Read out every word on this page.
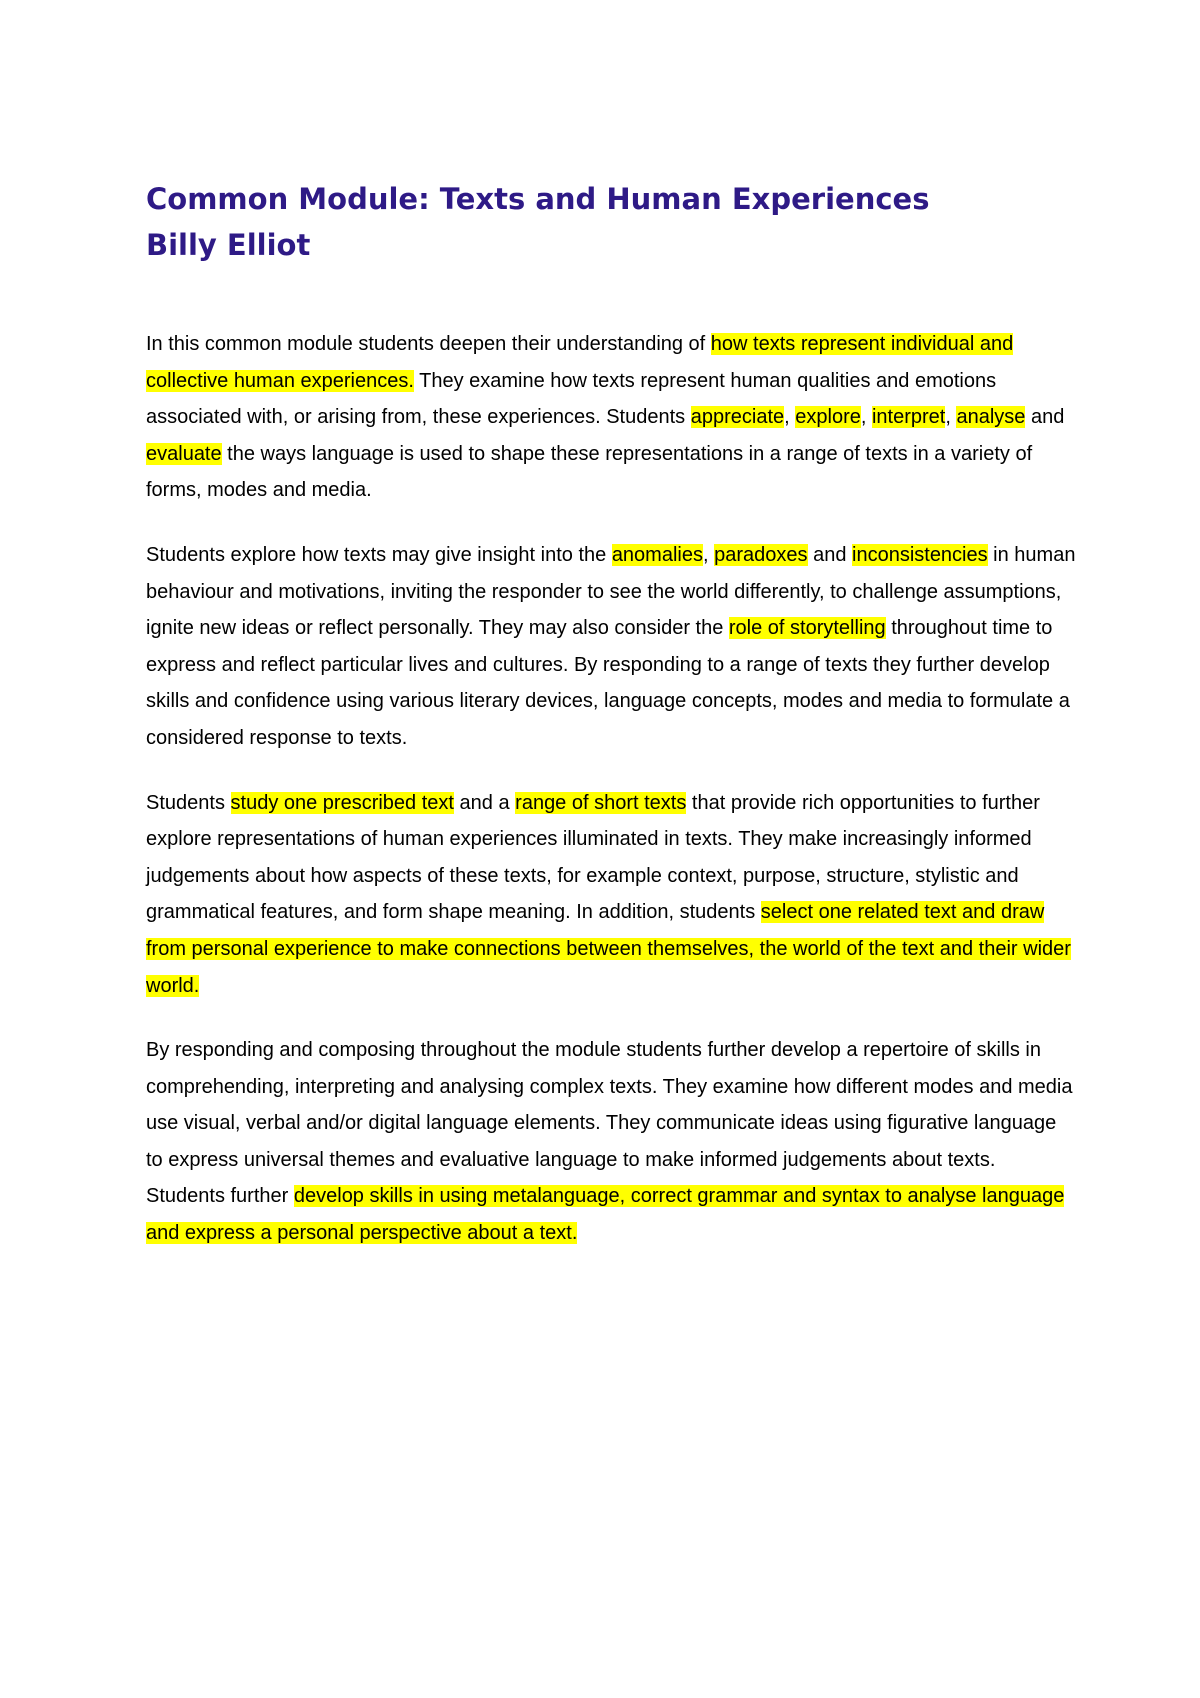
Common Module: Texts and Human Experiences
Billy Elliot

In this common module students deepen their understanding of how texts represent individual and collective human experiences. They examine how texts represent human qualities and emotions associated with, or arising from, these experiences. Students appreciate, explore, interpret, analyse and evaluate the ways language is used to shape these representations in a range of texts in a variety of forms, modes and media.

Students explore how texts may give insight into the anomalies, paradoxes and inconsistencies in human behaviour and motivations, inviting the responder to see the world differently, to challenge assumptions, ignite new ideas or reflect personally. They may also consider the role of storytelling throughout time to express and reflect particular lives and cultures. By responding to a range of texts they further develop skills and confidence using various literary devices, language concepts, modes and media to formulate a considered response to texts.

Students study one prescribed text and a range of short texts that provide rich opportunities to further explore representations of human experiences illuminated in texts. They make increasingly informed judgements about how aspects of these texts, for example context, purpose, structure, stylistic and grammatical features, and form shape meaning. In addition, students select one related text and draw from personal experience to make connections between themselves, the world of the text and their wider world.

By responding and composing throughout the module students further develop a repertoire of skills in comprehending, interpreting and analysing complex texts. They examine how different modes and media use visual, verbal and/or digital language elements. They communicate ideas using figurative language to express universal themes and evaluative language to make informed judgements about texts. Students further develop skills in using metalanguage, correct grammar and syntax to analyse language and express a personal perspective about a text.
